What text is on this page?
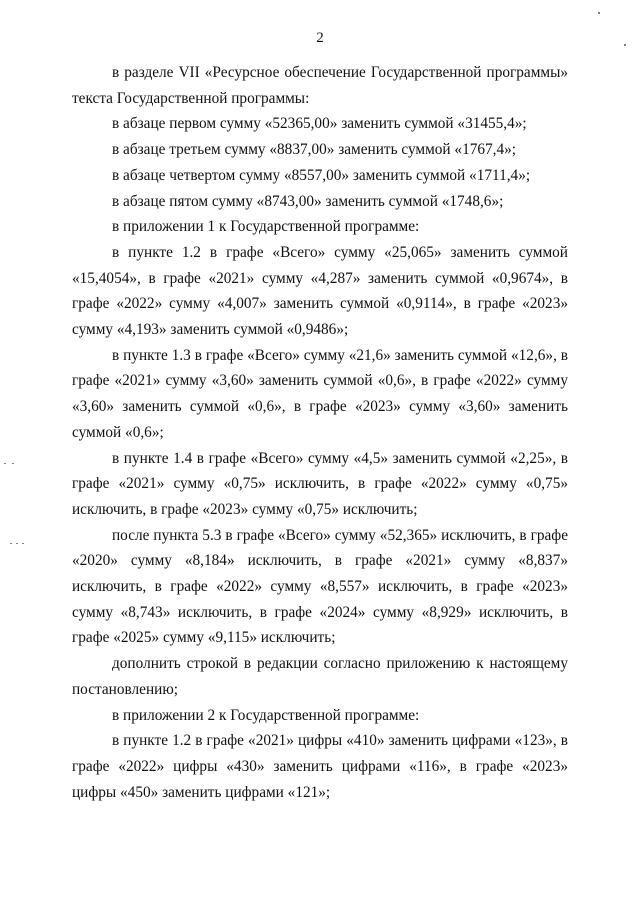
2

в разделе VII «Ресурсное обеспечение Государственной программы» текста Государственной программы:

в абзаце первом сумму «52365,00» заменить суммой «31455,4»;

в абзаце третьем сумму «8837,00» заменить суммой «1767,4»;

в абзаце четвертом сумму «8557,00» заменить суммой «1711,4»;

в абзаце пятом сумму «8743,00» заменить суммой «1748,6»;

в приложении 1 к Государственной программе:

в пункте 1.2 в графе «Всего» сумму «25,065» заменить суммой «15,4054», в графе «2021» сумму «4,287» заменить суммой «0,9674», в графе «2022» сумму «4,007» заменить суммой «0,9114», в графе «2023» сумму «4,193» заменить суммой «0,9486»;

в пункте 1.3 в графе «Всего» сумму «21,6» заменить суммой «12,6», в графе «2021» сумму «3,60» заменить суммой «0,6», в графе «2022» сумму «3,60» заменить суммой «0,6», в графе «2023» сумму «3,60» заменить суммой «0,6»;

в пункте 1.4 в графе «Всего» сумму «4,5» заменить суммой «2,25», в графе «2021» сумму «0,75» исключить, в графе «2022» сумму «0,75» исключить, в графе «2023» сумму «0,75» исключить;

после пункта 5.3 в графе «Всего» сумму «52,365» исключить, в графе «2020» сумму «8,184» исключить, в графе «2021» сумму «8,837» исключить, в графе «2022» сумму «8,557» исключить, в графе «2023» сумму «8,743» исключить, в графе «2024» сумму «8,929» исключить, в графе «2025» сумму «9,115» исключить;

дополнить строкой в редакции согласно приложению к настоящему постановлению;

в приложении 2 к Государственной программе:

в пункте 1.2 в графе «2021» цифры «410» заменить цифрами «123», в графе «2022» цифры «430» заменить цифрами «116», в графе «2023» цифры «450» заменить цифрами «121»;
